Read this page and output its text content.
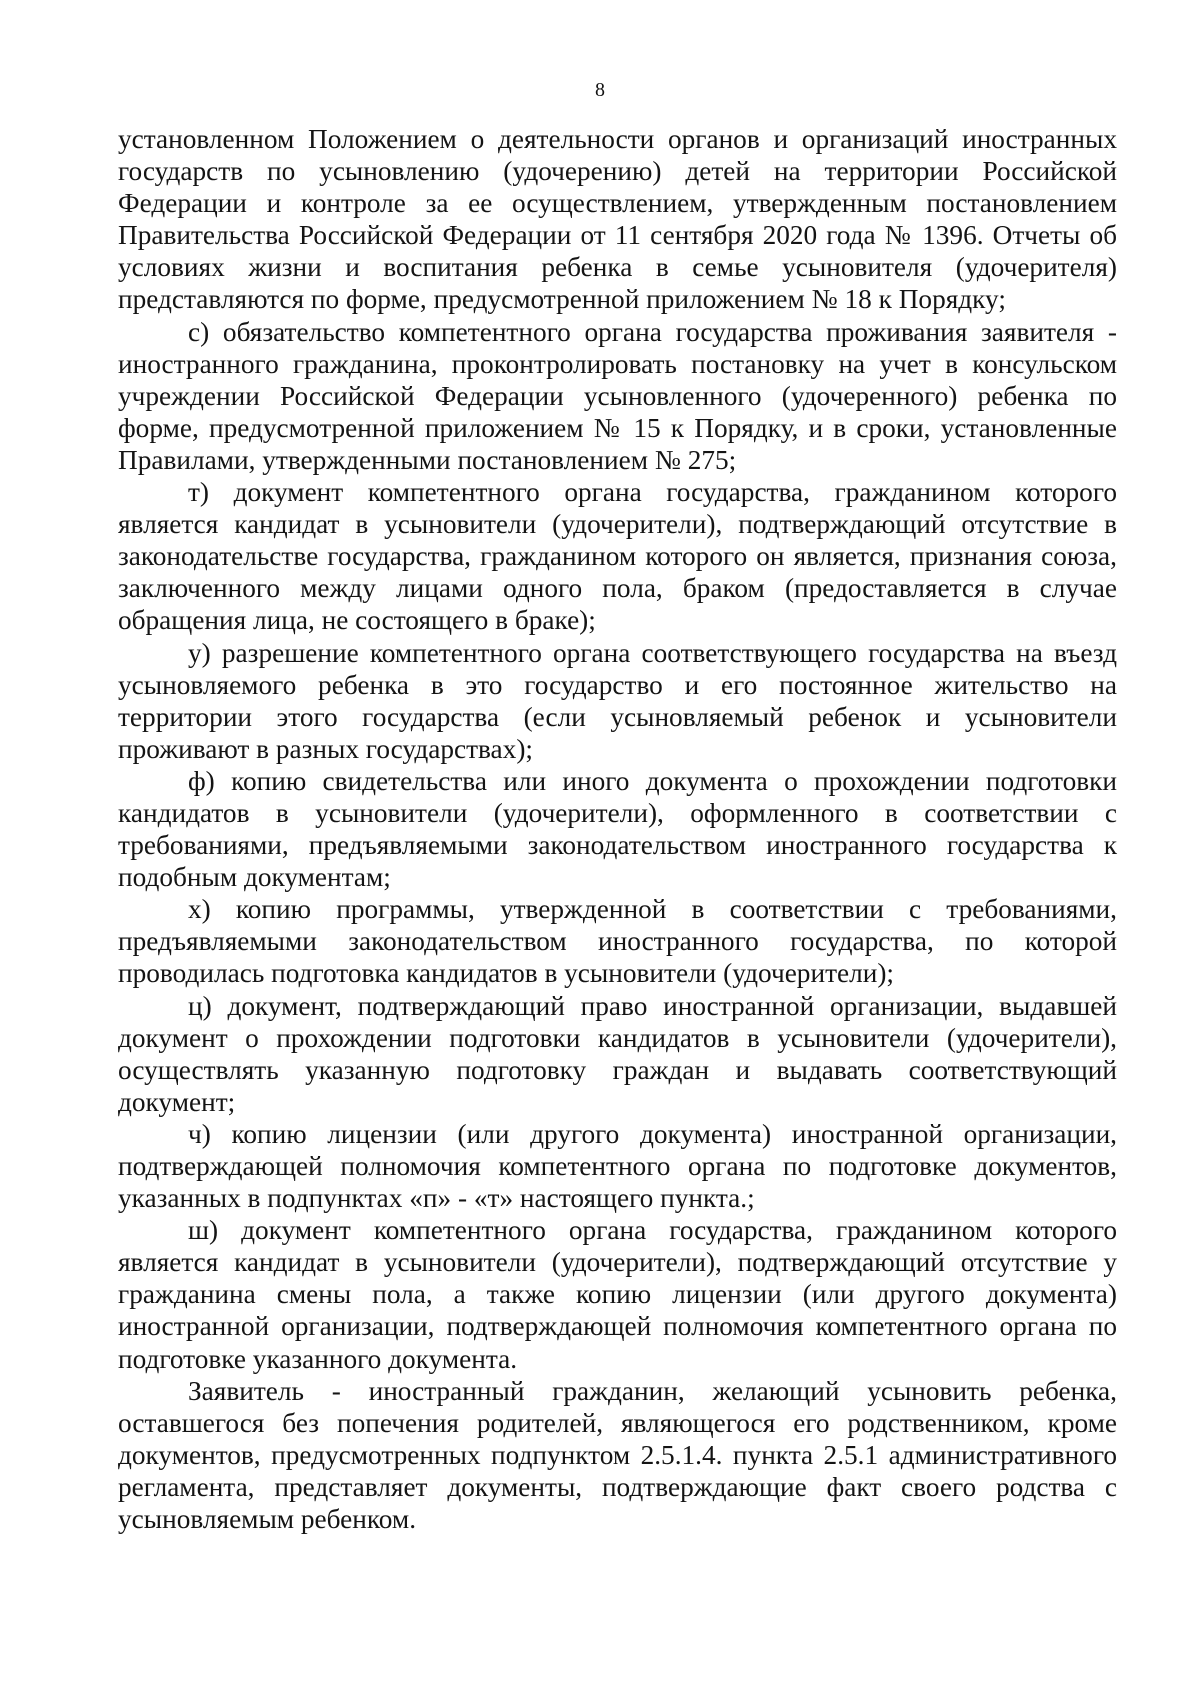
8

установленном Положением о деятельности органов и организаций иностранных государств по усыновлению (удочерению) детей на территории Российской Федерации и контроле за ее осуществлением, утвержденным постановлением Правительства Российской Федерации от 11 сентября 2020 года № 1396. Отчеты об условиях жизни и воспитания ребенка в семье усыновителя (удочерителя) представляются по форме, предусмотренной приложением № 18 к Порядку;

с) обязательство компетентного органа государства проживания заявителя - иностранного гражданина, проконтролировать постановку на учет в консульском учреждении Российской Федерации усыновленного (удочеренного) ребенка по форме, предусмотренной приложением № 15 к Порядку, и в сроки, установленные Правилами, утвержденными постановлением № 275;

т) документ компетентного органа государства, гражданином которого является кандидат в усыновители (удочерители), подтверждающий отсутствие в законодательстве государства, гражданином которого он является, признания союза, заключенного между лицами одного пола, браком (предоставляется в случае обращения лица, не состоящего в браке);

у) разрешение компетентного органа соответствующего государства на въезд усыновляемого ребенка в это государство и его постоянное жительство на территории этого государства (если усыновляемый ребенок и усыновители проживают в разных государствах);

ф) копию свидетельства или иного документа о прохождении подготовки кандидатов в усыновители (удочерители), оформленного в соответствии с требованиями, предъявляемыми законодательством иностранного государства к подобным документам;

х) копию программы, утвержденной в соответствии с требованиями, предъявляемыми законодательством иностранного государства, по которой проводилась подготовка кандидатов в усыновители (удочерители);

ц) документ, подтверждающий право иностранной организации, выдавшей документ о прохождении подготовки кандидатов в усыновители (удочерители), осуществлять указанную подготовку граждан и выдавать соответствующий документ;

ч) копию лицензии (или другого документа) иностранной организации, подтверждающей полномочия компетентного органа по подготовке документов, указанных в подпунктах «п» - «т» настоящего пункта.;

ш) документ компетентного органа государства, гражданином которого является кандидат в усыновители (удочерители), подтверждающий отсутствие у гражданина смены пола, а также копию лицензии (или другого документа) иностранной организации, подтверждающей полномочия компетентного органа по подготовке указанного документа.

Заявитель - иностранный гражданин, желающий усыновить ребенка, оставшегося без попечения родителей, являющегося его родственником, кроме документов, предусмотренных подпунктом 2.5.1.4. пункта 2.5.1 административного регламента, представляет документы, подтверждающие факт своего родства с усыновляемым ребенком.
